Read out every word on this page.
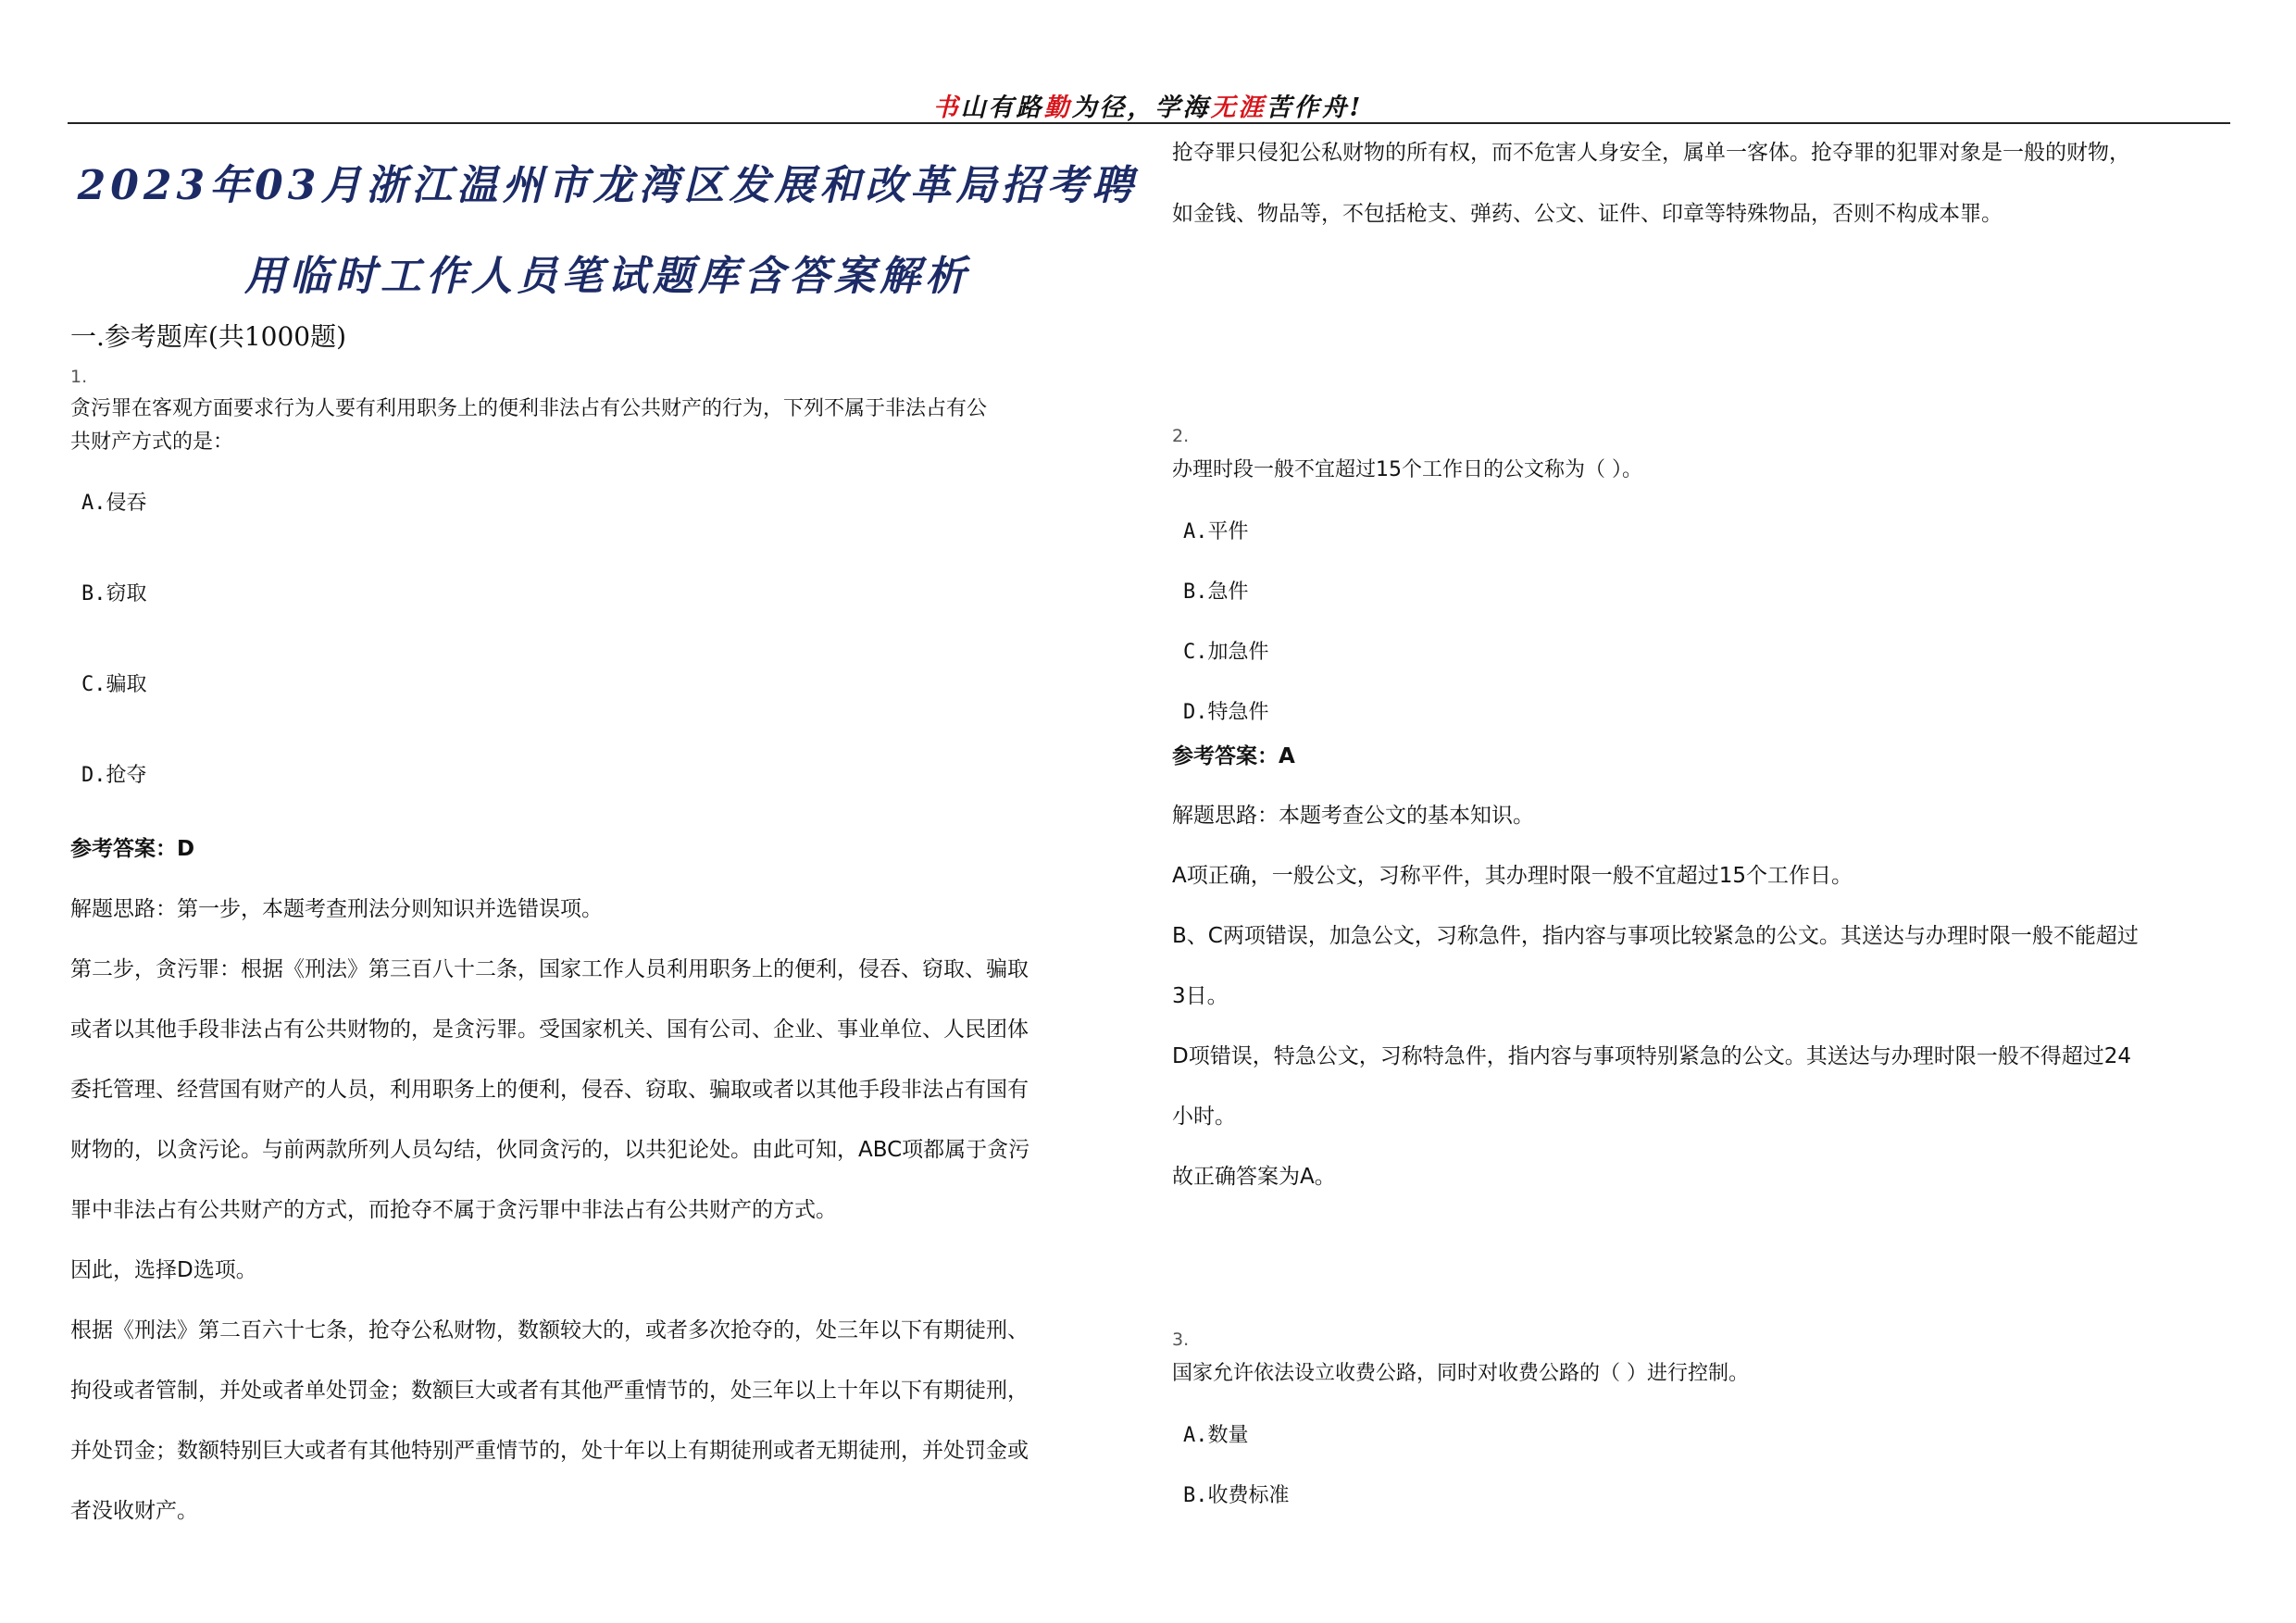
书山有路勤为径，学海无涯苦作舟!
2023年03月浙江温州市龙湾区发展和改革局招考聘
用临时工作人员笔试题库含答案解析
一.参考题库(共1000题)
1.
贪污罪在客观方面要求行为人要有利用职务上的便利非法占有公共财产的行为，下列不属于非法占有公
共财产方式的是：
A.侵吞
B.窃取
C.骗取
D.抢夺
参考答案：D
解题思路：第一步，本题考查刑法分则知识并选错误项。
第二步，贪污罪：根据《刑法》第三百八十二条，国家工作人员利用职务上的便利，侵吞、窃取、骗取
或者以其他手段非法占有公共财物的，是贪污罪。受国家机关、国有公司、企业、事业单位、人民团体
委托管理、经营国有财产的人员，利用职务上的便利，侵吞、窃取、骗取或者以其他手段非法占有国有
财物的，以贪污论。与前两款所列人员勾结，伙同贪污的，以共犯论处。由此可知，ABC项都属于贪污
罪中非法占有公共财产的方式，而抢夺不属于贪污罪中非法占有公共财产的方式。
因此，选择D选项。
根据《刑法》第二百六十七条，抢夺公私财物，数额较大的，或者多次抢夺的，处三年以下有期徒刑、
拘役或者管制，并处或者单处罚金；数额巨大或者有其他严重情节的，处三年以上十年以下有期徒刑，
并处罚金；数额特别巨大或者有其他特别严重情节的，处十年以上有期徒刑或者无期徒刑，并处罚金或
者没收财产。
抢夺罪只侵犯公私财物的所有权，而不危害人身安全，属单一客体。抢夺罪的犯罪对象是一般的财物，
如金钱、物品等，不包括枪支、弹药、公文、证件、印章等特殊物品，否则不构成本罪。
2.
办理时段一般不宜超过15个工作日的公文称为（ ）。
A.平件
B.急件
C.加急件
D.特急件
参考答案：A
解题思路：本题考查公文的基本知识。
A项正确，一般公文，习称平件，其办理时限一般不宜超过15个工作日。
B、C两项错误，加急公文，习称急件，指内容与事项比较紧急的公文。其送达与办理时限一般不能超过
3日。
D项错误，特急公文，习称特急件，指内容与事项特别紧急的公文。其送达与办理时限一般不得超过24
小时。
故正确答案为A。
3.
国家允许依法设立收费公路，同时对收费公路的（ ）进行控制。
A.数量
B.收费标准
